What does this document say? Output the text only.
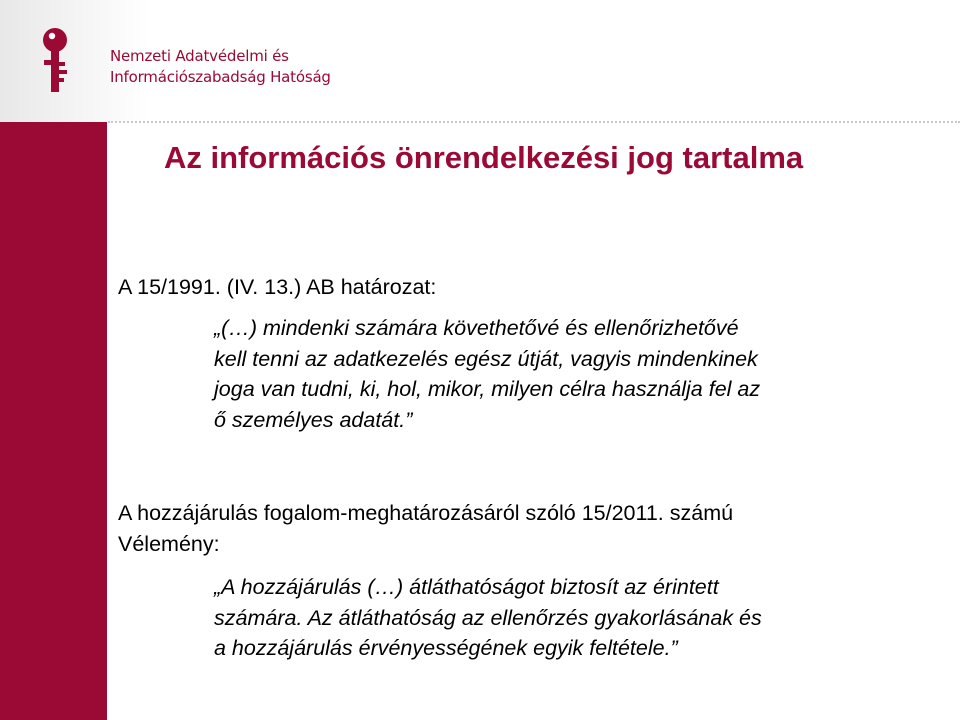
Nemzeti Adatvédelmi és
Információszabadság Hatóság
Az információs önrendelkezési jog tartalma
A 15/1991. (IV. 13.) AB határozat:
„(…) mindenki számára követhetővé és ellenőrizhetővé
kell tenni az adatkezelés egész útját, vagyis mindenkinek
joga van tudni, ki, hol, mikor, milyen célra használja fel az
ő személyes adatát.”
A hozzájárulás fogalom-meghatározásáról szóló 15/2011. számú
Vélemény:
„A hozzájárulás (…) átláthatóságot biztosít az érintett
számára. Az átláthatóság az ellenőrzés gyakorlásának és
a hozzájárulás érvényességének egyik feltétele.”
